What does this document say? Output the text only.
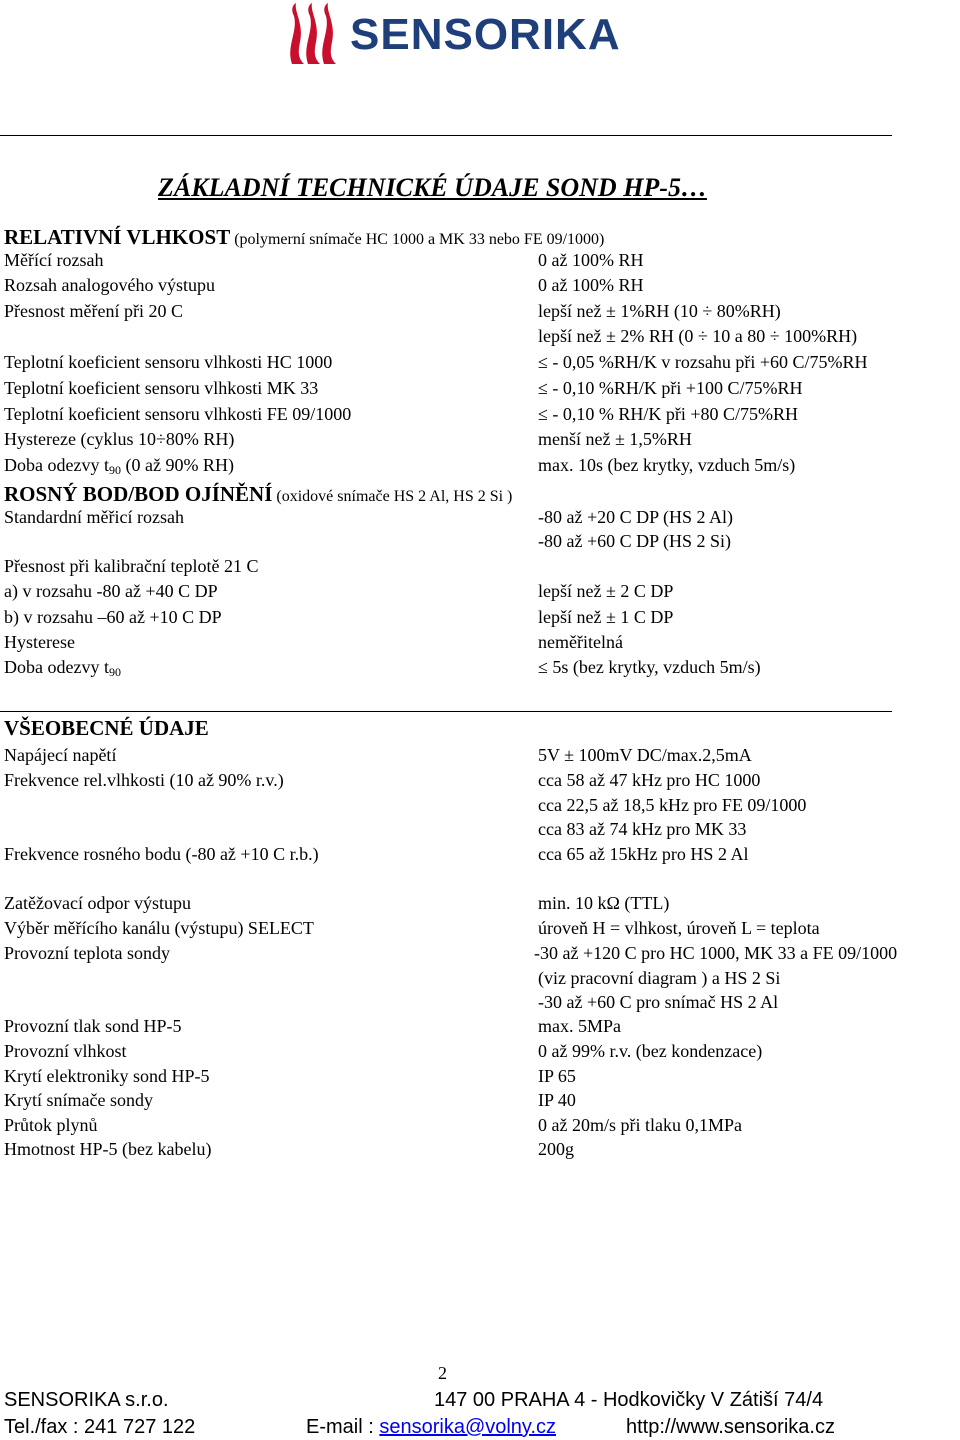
SENSORIKA
ZÁKLADNÍ TECHNICKÉ ÚDAJE SOND HP-5…
RELATIVNÍ VLHKOST (polymerní snímače HC 1000 a MK 33 nebo FE 09/1000)
Měřící rozsah	0 až 100% RH
Rozsah analogového výstupu	0 až 100% RH
Přesnost měření při 20 C	lepší než ± 1%RH (10 ÷ 80%RH)
lepší než ± 2% RH (0 ÷ 10 a 80 ÷ 100%RH)
Teplotní koeficient sensoru vlhkosti HC 1000	≤ - 0,05 %RH/K v rozsahu při +60 C/75%RH
Teplotní koeficient sensoru vlhkosti MK 33	≤ - 0,10 %RH/K při +100 C/75%RH
Teplotní koeficient sensoru vlhkosti FE 09/1000	≤ - 0,10 % RH/K při +80 C/75%RH
Hystereze (cyklus 10÷80% RH)	menší než ± 1,5%RH
Doba odezvy $t_{90}$ (0 až 90% RH)	max. 10s (bez krytky, vzduch 5m/s)
ROSNÝ BOD/BOD OJÍNĚNÍ (oxidové snímače HS 2 Al, HS 2 Si )
Standardní měřicí rozsah	-80 až +20 C DP (HS 2 Al)
-80 až +60 C DP (HS 2 Si)
Přesnost při kalibrační teplotě 21 C
a) v rozsahu -80 až +40 C DP	lepší než ± 2 C DP
b) v rozsahu –60 až +10 C DP	lepší než ± 1 C DP
Hysterese	neměřitelná
Doba odezvy $t_{90}$	≤ 5s (bez krytky, vzduch 5m/s)
VŠEOBECNÉ ÚDAJE
Napájecí napětí	5V ± 100mV DC/max.2,5mA
Frekvence rel.vlhkosti (10 až 90% r.v.)	cca 58 až 47 kHz pro HC 1000
cca 22,5 až 18,5 kHz pro FE 09/1000
cca 83 až 74 kHz pro MK 33
Frekvence rosného bodu (-80 až +10 C r.b.)	cca 65 až 15kHz pro HS 2 Al
Zatěžovací odpor výstupu	min. 10 kΩ (TTL)
Výběr měřícího kanálu (výstupu) SELECT	úroveň H = vlhkost, úroveň L = teplota
Provozní teplota sondy	-30 až +120 C pro HC 1000, MK 33 a FE 09/1000
(viz pracovní diagram ) a HS 2 Si
-30 až +60 C pro snímač HS 2 Al
Provozní tlak sond HP-5	max. 5MPa
Provozní vlhkost	0 až 99% r.v. (bez kondenzace)
Krytí elektroniky sond HP-5	IP 65
Krytí snímače sondy	IP 40
Průtok plynů	0 až 20m/s při tlaku 0,1MPa
Hmotnost HP-5 (bez kabelu)	200g
2
SENSORIKA s.r.o.	147 00 PRAHA 4 - Hodkovičky V Zátiší 74/4
Tel./fax : 241 727 122	E-mail : sensorika@volny.cz	http://www.sensorika.cz
